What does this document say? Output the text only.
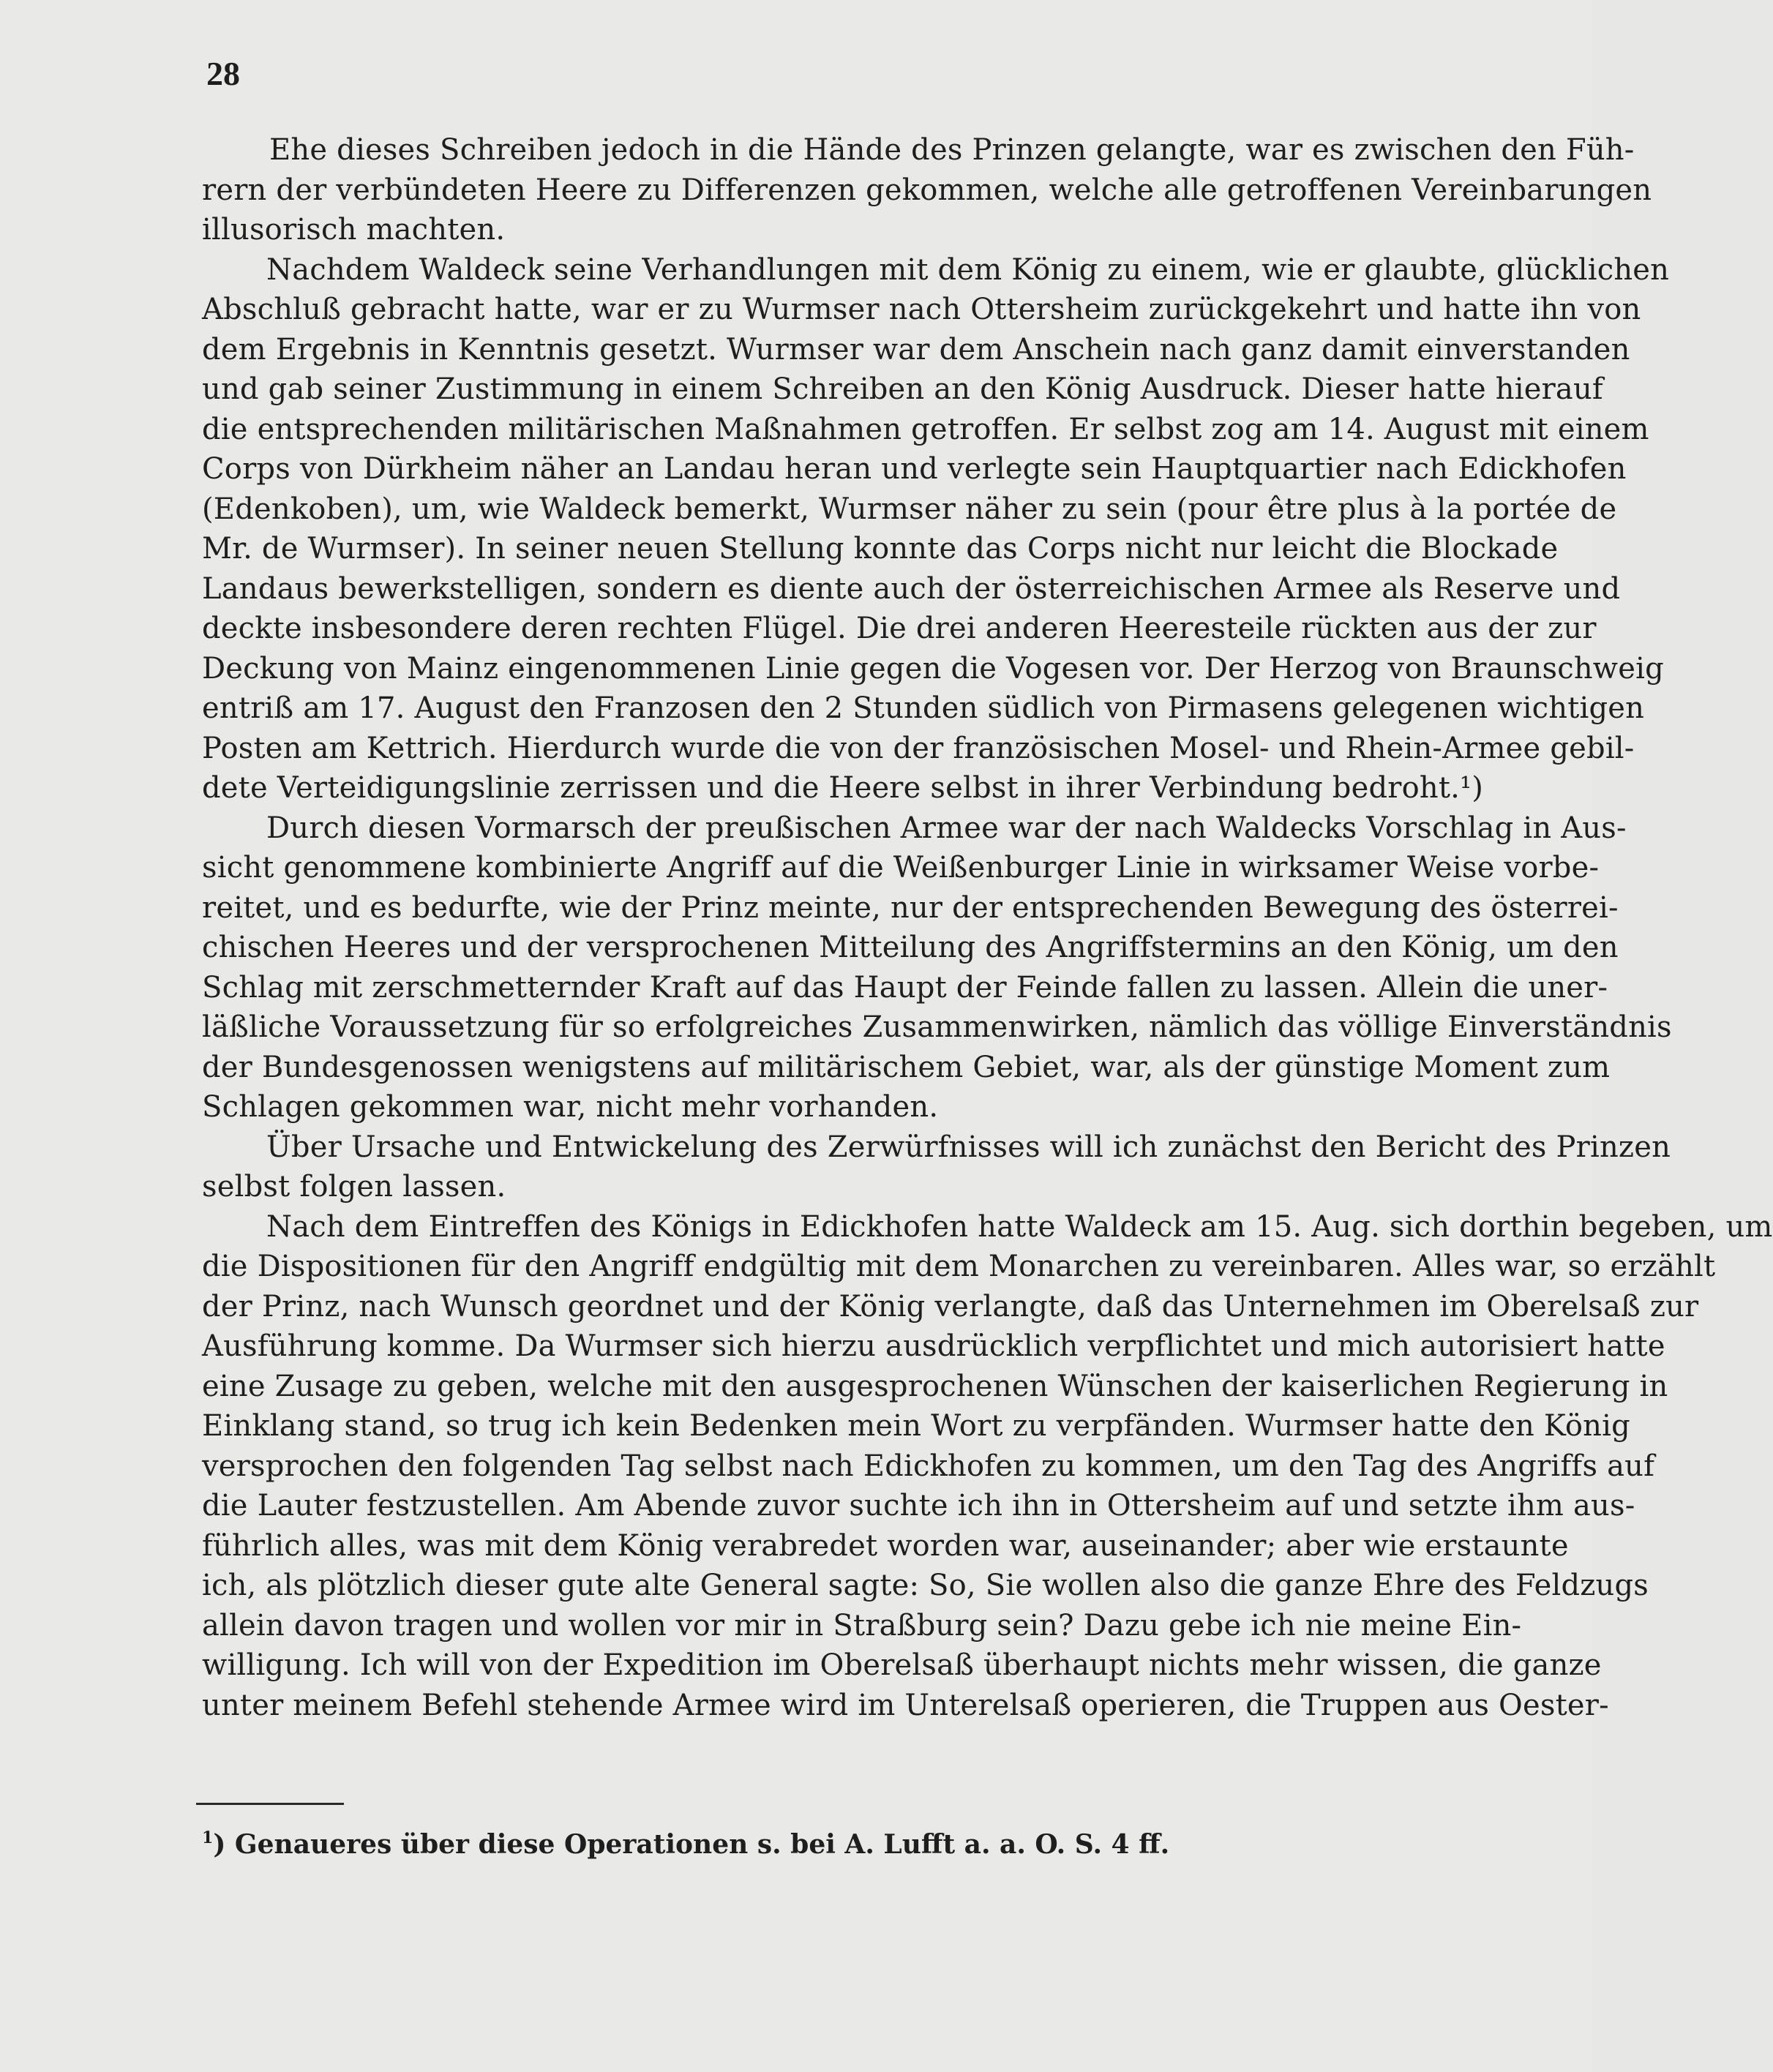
28
Ehe dieses Schreiben jedoch in die Hände des Prinzen gelangte, war es zwischen den Füh-
rern der verbündeten Heere zu Differenzen gekommen, welche alle getroffenen Vereinbarungen
illusorisch machten.
Nachdem Waldeck seine Verhandlungen mit dem König zu einem, wie er glaubte, glücklichen
Abschluß gebracht hatte, war er zu Wurmser nach Ottersheim zurückgekehrt und hatte ihn von
dem Ergebnis in Kenntnis gesetzt. Wurmser war dem Anschein nach ganz damit einverstanden
und gab seiner Zustimmung in einem Schreiben an den König Ausdruck. Dieser hatte hierauf
die entsprechenden militärischen Maßnahmen getroffen. Er selbst zog am 14. August mit einem
Corps von Dürkheim näher an Landau heran und verlegte sein Hauptquartier nach Edickhofen
(Edenkoben), um, wie Waldeck bemerkt, Wurmser näher zu sein (pour être plus à la portée de
Mr. de Wurmser). In seiner neuen Stellung konnte das Corps nicht nur leicht die Blockade
Landaus bewerkstelligen, sondern es diente auch der österreichischen Armee als Reserve und
deckte insbesondere deren rechten Flügel. Die drei anderen Heeresteile rückten aus der zur
Deckung von Mainz eingenommenen Linie gegen die Vogesen vor. Der Herzog von Braunschweig
entriß am 17. August den Franzosen den 2 Stunden südlich von Pirmasens gelegenen wichtigen
Posten am Kettrich. Hierdurch wurde die von der französischen Mosel- und Rhein-Armee gebil-
dete Verteidigungslinie zerrissen und die Heere selbst in ihrer Verbindung bedroht.¹)
Durch diesen Vormarsch der preußischen Armee war der nach Waldecks Vorschlag in Aus-
sicht genommene kombinierte Angriff auf die Weißenburger Linie in wirksamer Weise vorbe-
reitet, und es bedurfte, wie der Prinz meinte, nur der entsprechenden Bewegung des österrei-
chischen Heeres und der versprochenen Mitteilung des Angriffstermins an den König, um den
Schlag mit zerschmetternder Kraft auf das Haupt der Feinde fallen zu lassen. Allein die uner-
läßliche Voraussetzung für so erfolgreiches Zusammenwirken, nämlich das völlige Einverständnis
der Bundesgenossen wenigstens auf militärischem Gebiet, war, als der günstige Moment zum
Schlagen gekommen war, nicht mehr vorhanden.
Über Ursache und Entwickelung des Zerwürfnisses will ich zunächst den Bericht des Prinzen
selbst folgen lassen.
Nach dem Eintreffen des Königs in Edickhofen hatte Waldeck am 15. Aug. sich dorthin begeben, um
die Dispositionen für den Angriff endgültig mit dem Monarchen zu vereinbaren. Alles war, so erzählt
der Prinz, nach Wunsch geordnet und der König verlangte, daß das Unternehmen im Oberelsaß zur
Ausführung komme. Da Wurmser sich hierzu ausdrücklich verpflichtet und mich autorisiert hatte
eine Zusage zu geben, welche mit den ausgesprochenen Wünschen der kaiserlichen Regierung in
Einklang stand, so trug ich kein Bedenken mein Wort zu verpfänden. Wurmser hatte den König
versprochen den folgenden Tag selbst nach Edickhofen zu kommen, um den Tag des Angriffs auf
die Lauter festzustellen. Am Abende zuvor suchte ich ihn in Ottersheim auf und setzte ihm aus-
führlich alles, was mit dem König verabredet worden war, auseinander; aber wie erstaunte
ich, als plötzlich dieser gute alte General sagte: So, Sie wollen also die ganze Ehre des Feldzugs
allein davon tragen und wollen vor mir in Straßburg sein? Dazu gebe ich nie meine Ein-
willigung. Ich will von der Expedition im Oberelsaß überhaupt nichts mehr wissen, die ganze
unter meinem Befehl stehende Armee wird im Unterelsaß operieren, die Truppen aus Oester-
$^1$) Genaueres über diese Operationen s. bei A. Lufft a. a. O. S. 4 ff.
